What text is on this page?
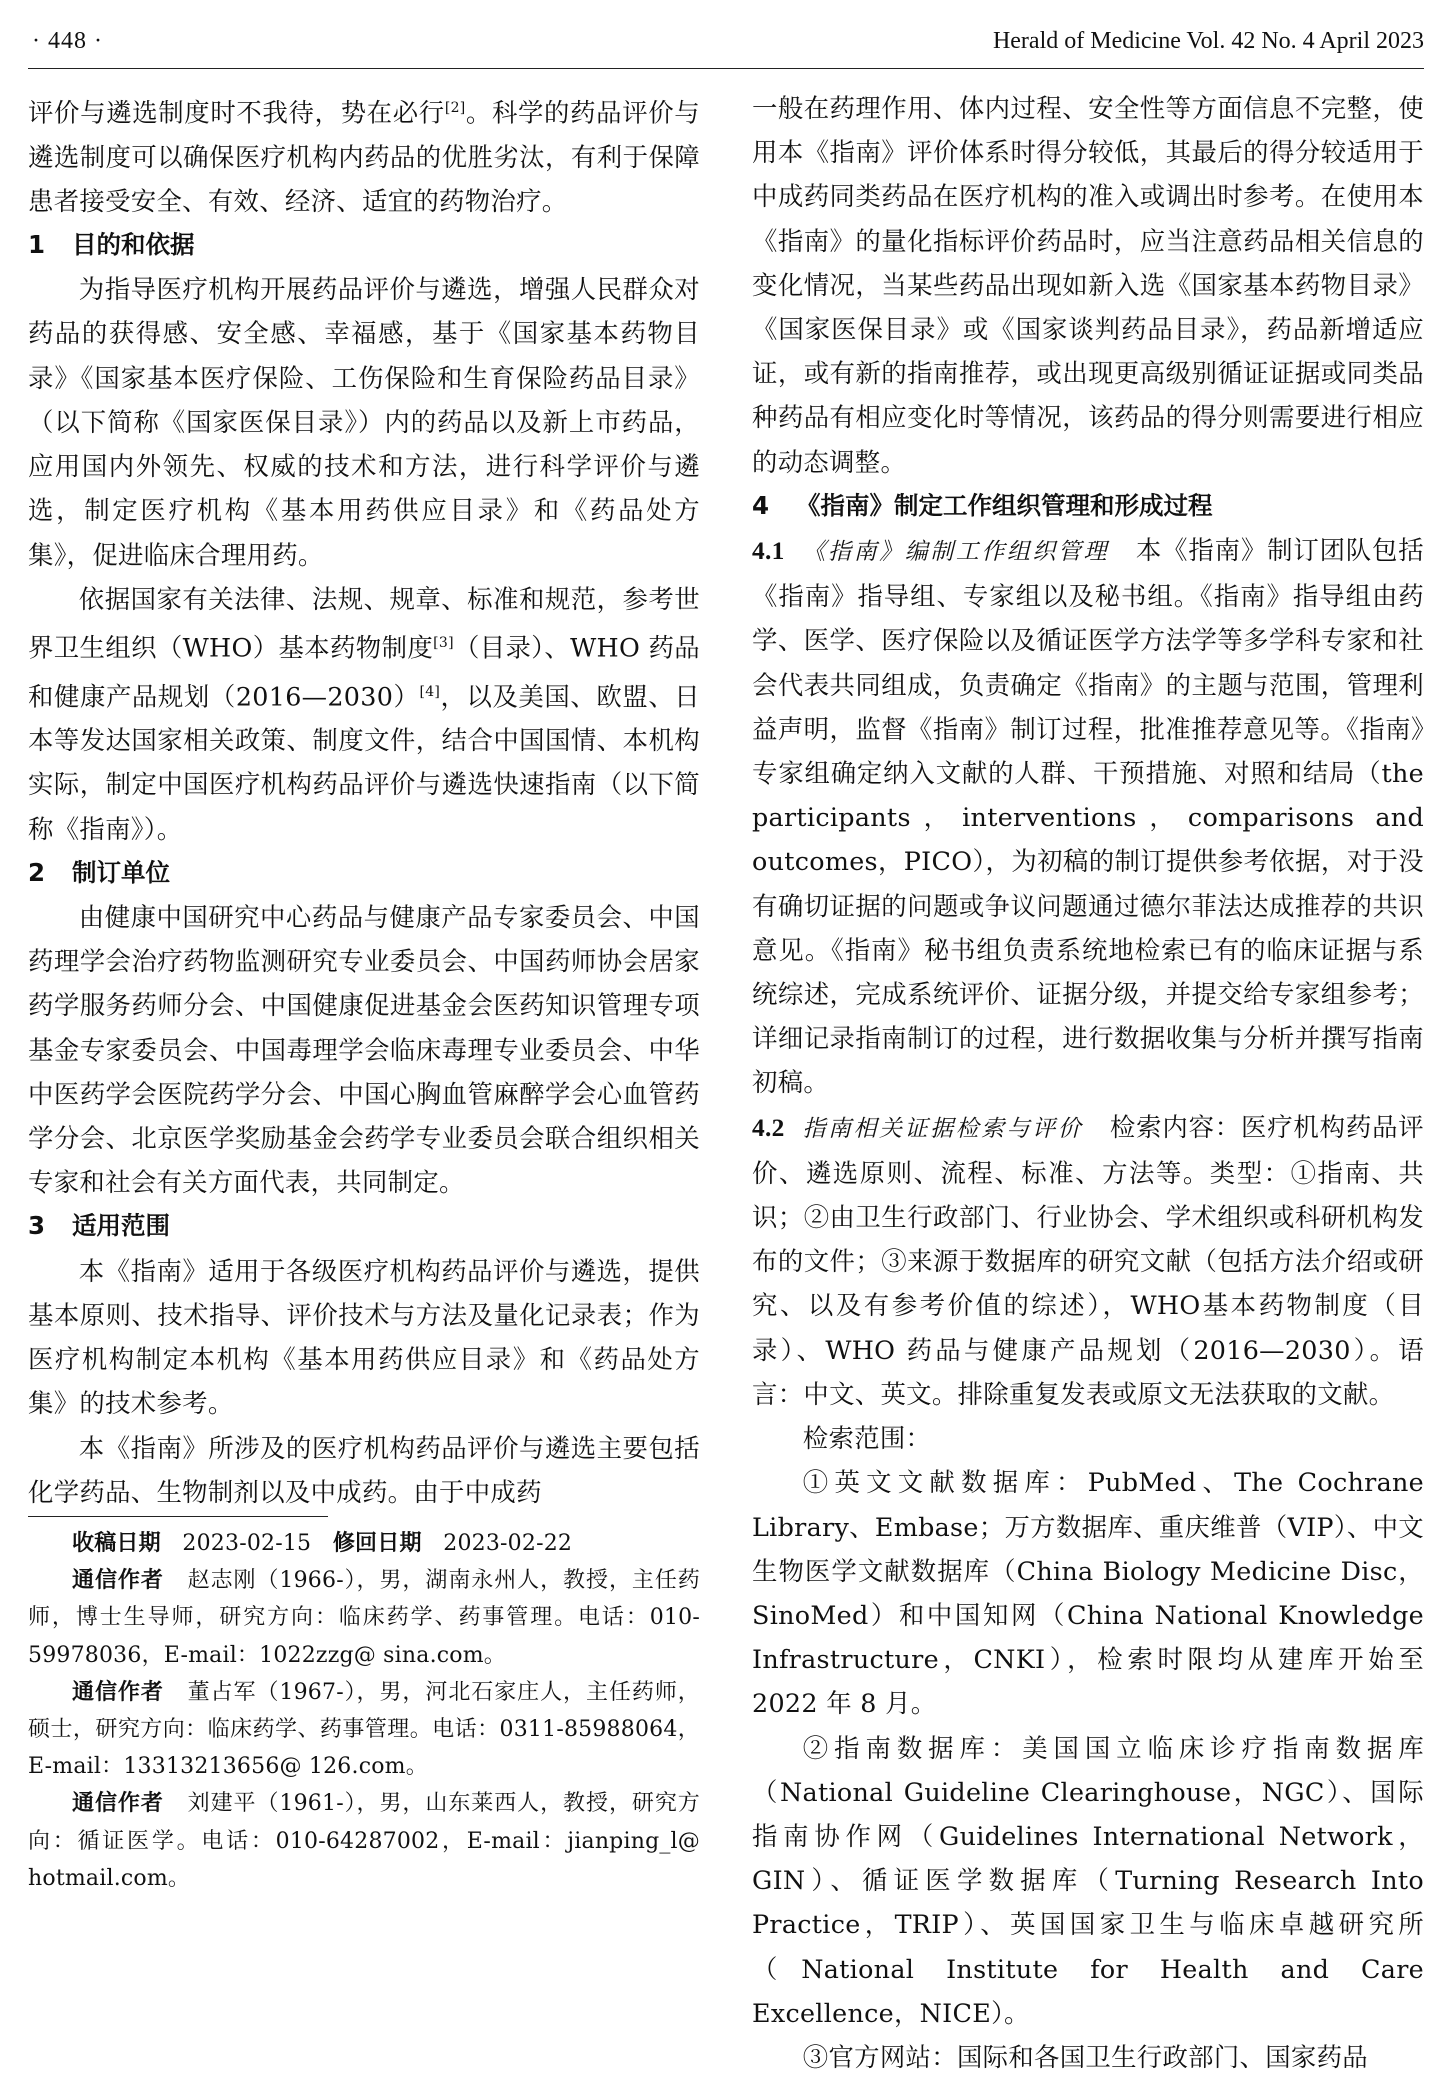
· 448 ·	Herald of Medicine Vol. 42 No. 4 April 2023

评价与遴选制度时不我待，势在必行[2]。科学的药品评价与遴选制度可以确保医疗机构内药品的优胜劣汰，有利于保障患者接受安全、有效、经济、适宜的药物治疗。

1 目的和依据

为指导医疗机构开展药品评价与遴选，增强人民群众对药品的获得感、安全感、幸福感，基于《国家基本药物目录》《国家基本医疗保险、工伤保险和生育保险药品目录》（以下简称《国家医保目录》）内的药品以及新上市药品，应用国内外领先、权威的技术和方法，进行科学评价与遴选，制定医疗机构《基本用药供应目录》和《药品处方集》，促进临床合理用药。

依据国家有关法律、法规、规章、标准和规范，参考世界卫生组织（WHO）基本药物制度[3]（目录）、WHO 药品和健康产品规划（2016—2030）[4]，以及美国、欧盟、日本等发达国家相关政策、制度文件，结合中国国情、本机构实际，制定中国医疗机构药品评价与遴选快速指南（以下简称《指南》）。

2 制订单位

由健康中国研究中心药品与健康产品专家委员会、中国药理学会治疗药物监测研究专业委员会、中国药师协会居家药学服务药师分会、中国健康促进基金会医药知识管理专项基金专家委员会、中国毒理学会临床毒理专业委员会、中华中医药学会医院药学分会、中国心胸血管麻醉学会心血管药学分会、北京医学奖励基金会药学专业委员会联合组织相关专家和社会有关方面代表，共同制定。

3 适用范围

本《指南》适用于各级医疗机构药品评价与遴选，提供基本原则、技术指导、评价技术与方法及量化记录表；作为医疗机构制定本机构《基本用药供应目录》和《药品处方集》的技术参考。

本《指南》所涉及的医疗机构药品评价与遴选主要包括化学药品、生物制剂以及中成药。由于中成药

收稿日期 2023-02-15 修回日期 2023-02-22

通信作者 赵志刚（1966-），男，湖南永州人，教授，主任药师，博士生导师，研究方向：临床药学、药事管理。电话：010-59978036，E-mail：1022zzg@ sina.com。

通信作者 董占军（1967-），男，河北石家庄人，主任药师，硕士，研究方向：临床药学、药事管理。电话：0311-85988064，E-mail：13313213656@ 126.com。

通信作者 刘建平（1961-），男，山东莱西人，教授，研究方向：循证医学。电话：010-64287002，E-mail：jianping_l@ hotmail.com。

一般在药理作用、体内过程、安全性等方面信息不完整，使用本《指南》评价体系时得分较低，其最后的得分较适用于中成药同类药品在医疗机构的准入或调出时参考。在使用本《指南》的量化指标评价药品时，应当注意药品相关信息的变化情况，当某些药品出现如新入选《国家基本药物目录》《国家医保目录》或《国家谈判药品目录》，药品新增适应证，或有新的指南推荐，或出现更高级别循证证据或同类品种药品有相应变化时等情况，该药品的得分则需要进行相应的动态调整。

4 《指南》制定工作组织管理和形成过程

4.1 《指南》编制工作组织管理 本《指南》制订团队包括《指南》指导组、专家组以及秘书组。《指南》指导组由药学、医学、医疗保险以及循证医学方法学等多学科专家和社会代表共同组成，负责确定《指南》的主题与范围，管理利益声明，监督《指南》制订过程，批准推荐意见等。《指南》专家组确定纳入文献的人群、干预措施、对照和结局（the participants，interventions，comparisons and outcomes，PICO），为初稿的制订提供参考依据，对于没有确切证据的问题或争议问题通过德尔菲法达成推荐的共识意见。《指南》秘书组负责系统地检索已有的临床证据与系统综述，完成系统评价、证据分级，并提交给专家组参考；详细记录指南制订的过程，进行数据收集与分析并撰写指南初稿。

4.2 指南相关证据检索与评价 检索内容：医疗机构药品评价、遴选原则、流程、标准、方法等。类型：①指南、共识；②由卫生行政部门、行业协会、学术组织或科研机构发布的文件；③来源于数据库的研究文献（包括方法介绍或研究、以及有参考价值的综述），WHO基本药物制度（目录）、WHO 药品与健康产品规划（2016—2030）。语言：中文、英文。排除重复发表或原文无法获取的文献。

检索范围：

①英文文献数据库：PubMed、The Cochrane Library、Embase；万方数据库、重庆维普（VIP）、中文生物医学文献数据库（China Biology Medicine Disc，SinoMed）和中国知网（China National Knowledge Infrastructure，CNKI），检索时限均从建库开始至 2022 年 8 月。

②指南数据库：美国国立临床诊疗指南数据库（National Guideline Clearinghouse，NGC）、国际指南协作网（Guidelines International Network，GIN）、循证医学数据库（Turning Research Into Practice，TRIP）、英国国家卫生与临床卓越研究所（National Institute for Health and Care Excellence，NICE）。

③官方网站：国际和各国卫生行政部门、国家药品
